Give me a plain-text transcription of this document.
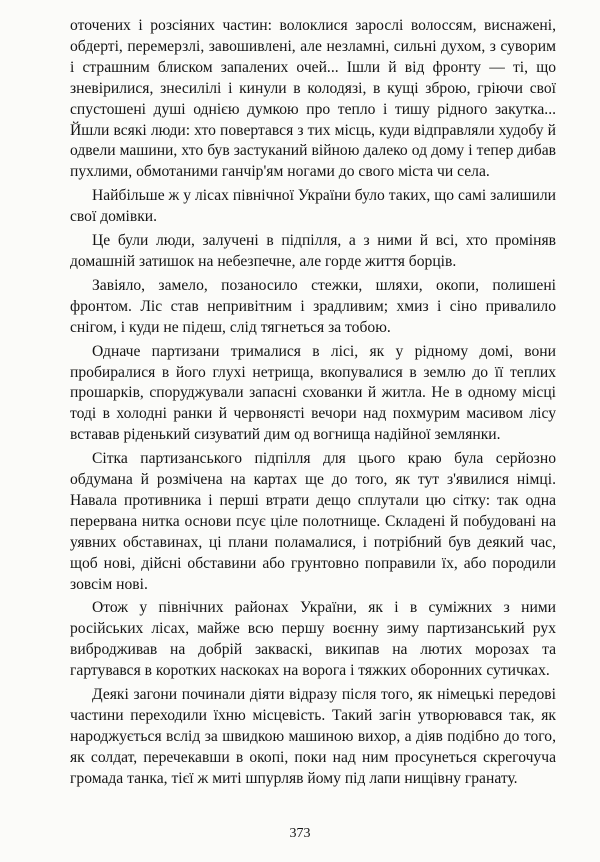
оточених і розсіяних частин: волоклися зарослі волоссям, виснажені, обдерті, перемерзлі, завошивлені, але незламні, сильні духом, з суворим і страшним блиском запалених очей... Ішли й від фронту — ті, що зневірилися, знесилілі і кинули в колодязі, в кущі зброю, гріючи свої спустошені душі однією думкою про тепло і тишу рідного закутка... Йшли всякі люди: хто повертався з тих місць, куди відправляли худобу й одвели машини, хто був застуканий війною далеко од дому і тепер дибав пухлими, обмотаними ганчір'ям ногами до свого міста чи села.

Найбільше ж у лісах північної України було таких, що самі залишили свої домівки.

Це були люди, залучені в підпілля, а з ними й всі, хто проміняв домашній затишок на небезпечне, але горде життя борців.

Завіяло, замело, позаносило стежки, шляхи, окопи, полишені фронтом. Ліс став непривітним і зрадливим; хмиз і сіно привалило снігом, і куди не підеш, слід тягнеться за тобою.

Одначе партизани трималися в лісі, як у рідному домі, вони пробиралися в його глухі нетрища, вкопувалися в землю до її теплих прошарків, споруджували запасні схованки й житла. Не в одному місці тоді в холодні ранки й червонясті вечори над похмурим масивом лісу вставав ріденький сизуватий дим од вогнища надійної землянки.

Сітка партизанського підпілля для цього краю була серйозно обдумана й розмічена на картах ще до того, як тут з'явилися німці. Навала противника і перші втрати дещо сплутали цю сітку: так одна перервана нитка основи псує ціле полотнище. Складені й побудовані на уявних обставинах, ці плани поламалися, і потрібний був деякий час, щоб нові, дійсні обставини або грунтовно поправили їх, або породили зовсім нові.

Отож у північних районах України, як і в суміжних з ними російських лісах, майже всю першу воєнну зиму партизанський рух вибродживав на добрій закваскі, википав на лютих морозах та гартувався в коротких наскоках на ворога і тяжких оборонних сутичках.

Деякі загони починали діяти відразу після того, як німецькі передові частини переходили їхню місцевість. Такий загін утворювався так, як народжується вслід за швидкою машиною вихор, а діяв подібно до того, як солдат, перечекавши в окопі, поки над ним просунеться скрегочуча громада танка, тієї ж миті шпурляв йому під лапи нищівну гранату.

373
